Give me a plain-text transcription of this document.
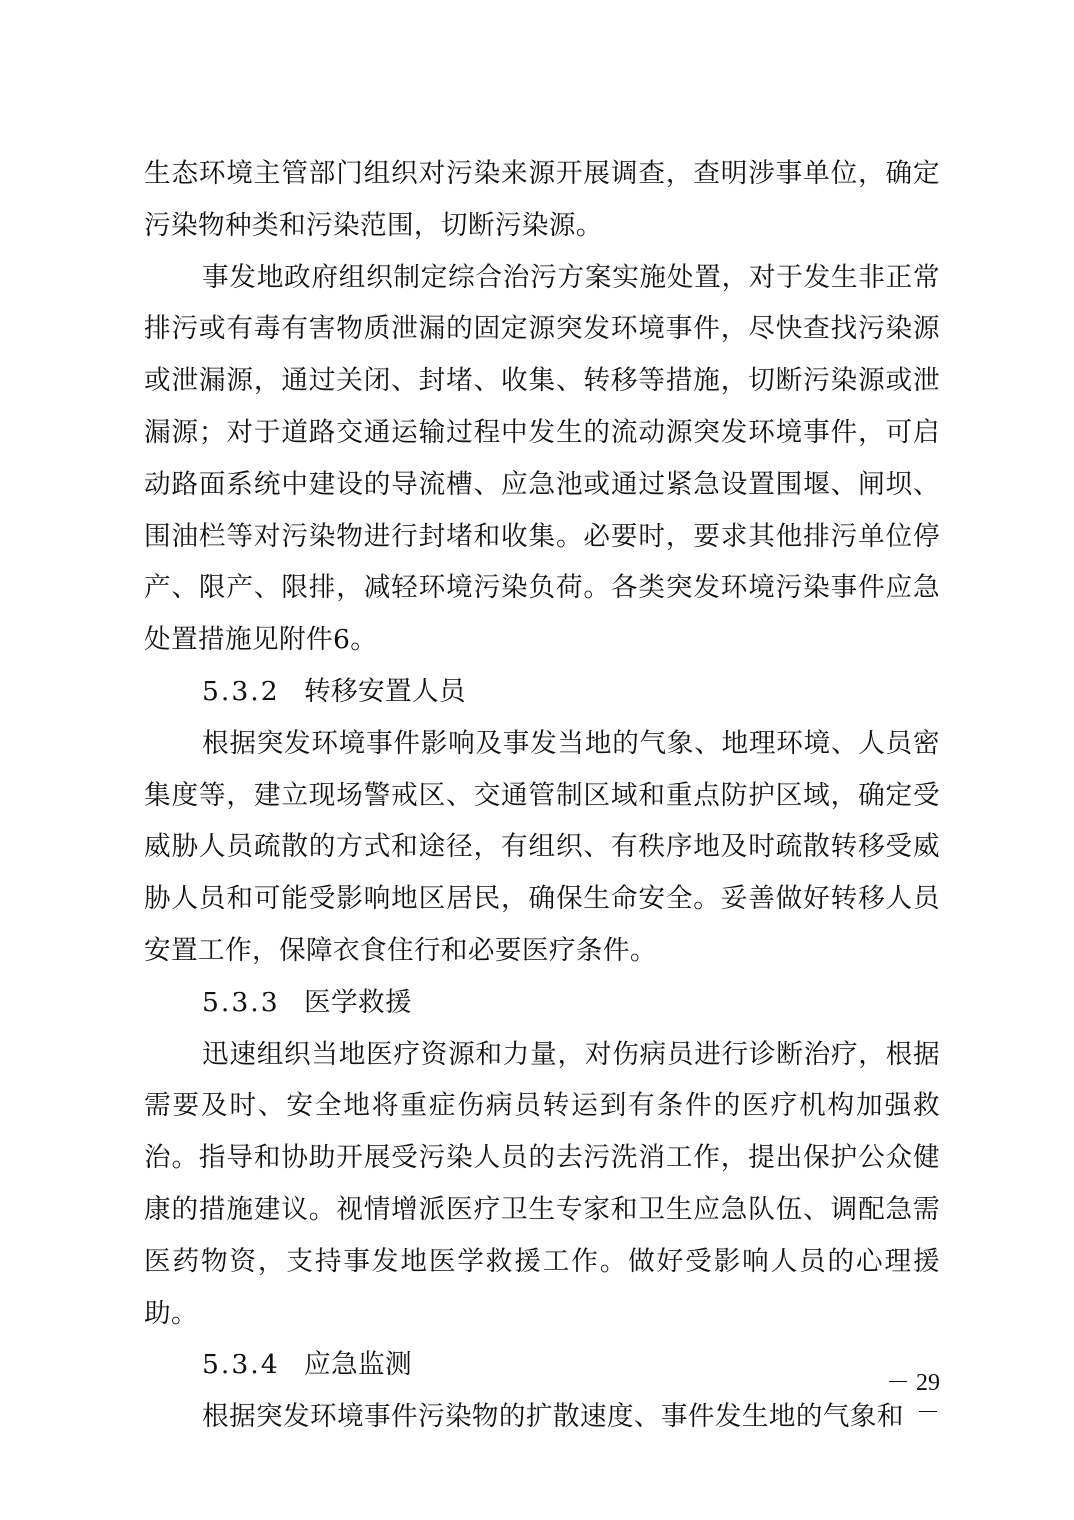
生态环境主管部门组织对污染来源开展调查，查明涉事单位，确定污染物种类和污染范围，切断污染源。

事发地政府组织制定综合治污方案实施处置，对于发生非正常排污或有毒有害物质泄漏的固定源突发环境事件，尽快查找污染源或泄漏源，通过关闭、封堵、收集、转移等措施，切断污染源或泄漏源；对于道路交通运输过程中发生的流动源突发环境事件，可启动路面系统中建设的导流槽、应急池或通过紧急设置围堰、闸坝、围油栏等对污染物进行封堵和收集。必要时，要求其他排污单位停产、限产、限排，减轻环境污染负荷。各类突发环境污染事件应急处置措施见附件6。

5.3.2 转移安置人员

根据突发环境事件影响及事发当地的气象、地理环境、人员密集度等，建立现场警戒区、交通管制区域和重点防护区域，确定受威胁人员疏散的方式和途径，有组织、有秩序地及时疏散转移受威胁人员和可能受影响地区居民，确保生命安全。妥善做好转移人员安置工作，保障衣食住行和必要医疗条件。

5.3.3 医学救援

迅速组织当地医疗资源和力量，对伤病员进行诊断治疗，根据需要及时、安全地将重症伤病员转运到有条件的医疗机构加强救治。指导和协助开展受污染人员的去污洗消工作，提出保护公众健康的措施建议。视情增派医疗卫生专家和卫生应急队伍、调配急需医药物资，支持事发地医学救援工作。做好受影响人员的心理援助。

5.3.4 应急监测

根据突发环境事件污染物的扩散速度、事件发生地的气象和

－ 29 －
